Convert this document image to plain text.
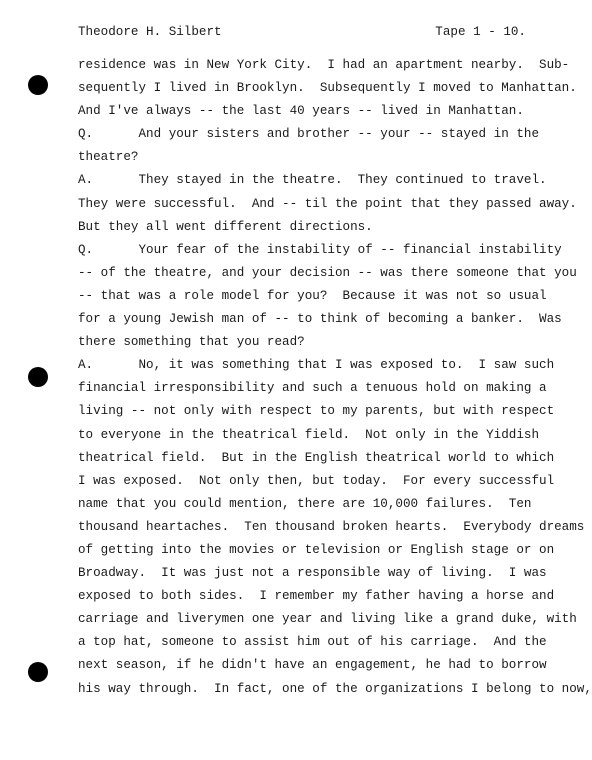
Theodore H. Silbert	Tape 1 - 10.
residence was in New York City.  I had an apartment nearby.  Sub-
sequently I lived in Brooklyn.  Subsequently I moved to Manhattan.
And I've always -- the last 40 years -- lived in Manhattan.
Q.      And your sisters and brother -- your -- stayed in the
theatre?
A.      They stayed in the theatre.  They continued to travel.
They were successful.  And -- til the point that they passed away.
But they all went different directions.
Q.      Your fear of the instability of -- financial instability
-- of the theatre, and your decision -- was there someone that you
-- that was a role model for you?  Because it was not so usual
for a young Jewish man of -- to think of becoming a banker.  Was
there something that you read?
A.      No, it was something that I was exposed to.  I saw such
financial irresponsibility and such a tenuous hold on making a
living -- not only with respect to my parents, but with respect
to everyone in the theatrical field.  Not only in the Yiddish
theatrical field.  But in the English theatrical world to which
I was exposed.  Not only then, but today.  For every successful
name that you could mention, there are 10,000 failures.  Ten
thousand heartaches.  Ten thousand broken hearts.  Everybody dreams
of getting into the movies or television or English stage or on
Broadway.  It was just not a responsible way of living.  I was
exposed to both sides.  I remember my father having a horse and
carriage and liverymen one year and living like a grand duke, with
a top hat, someone to assist him out of his carriage.  And the
next season, if he didn't have an engagement, he had to borrow
his way through.  In fact, one of the organizations I belong to now,
